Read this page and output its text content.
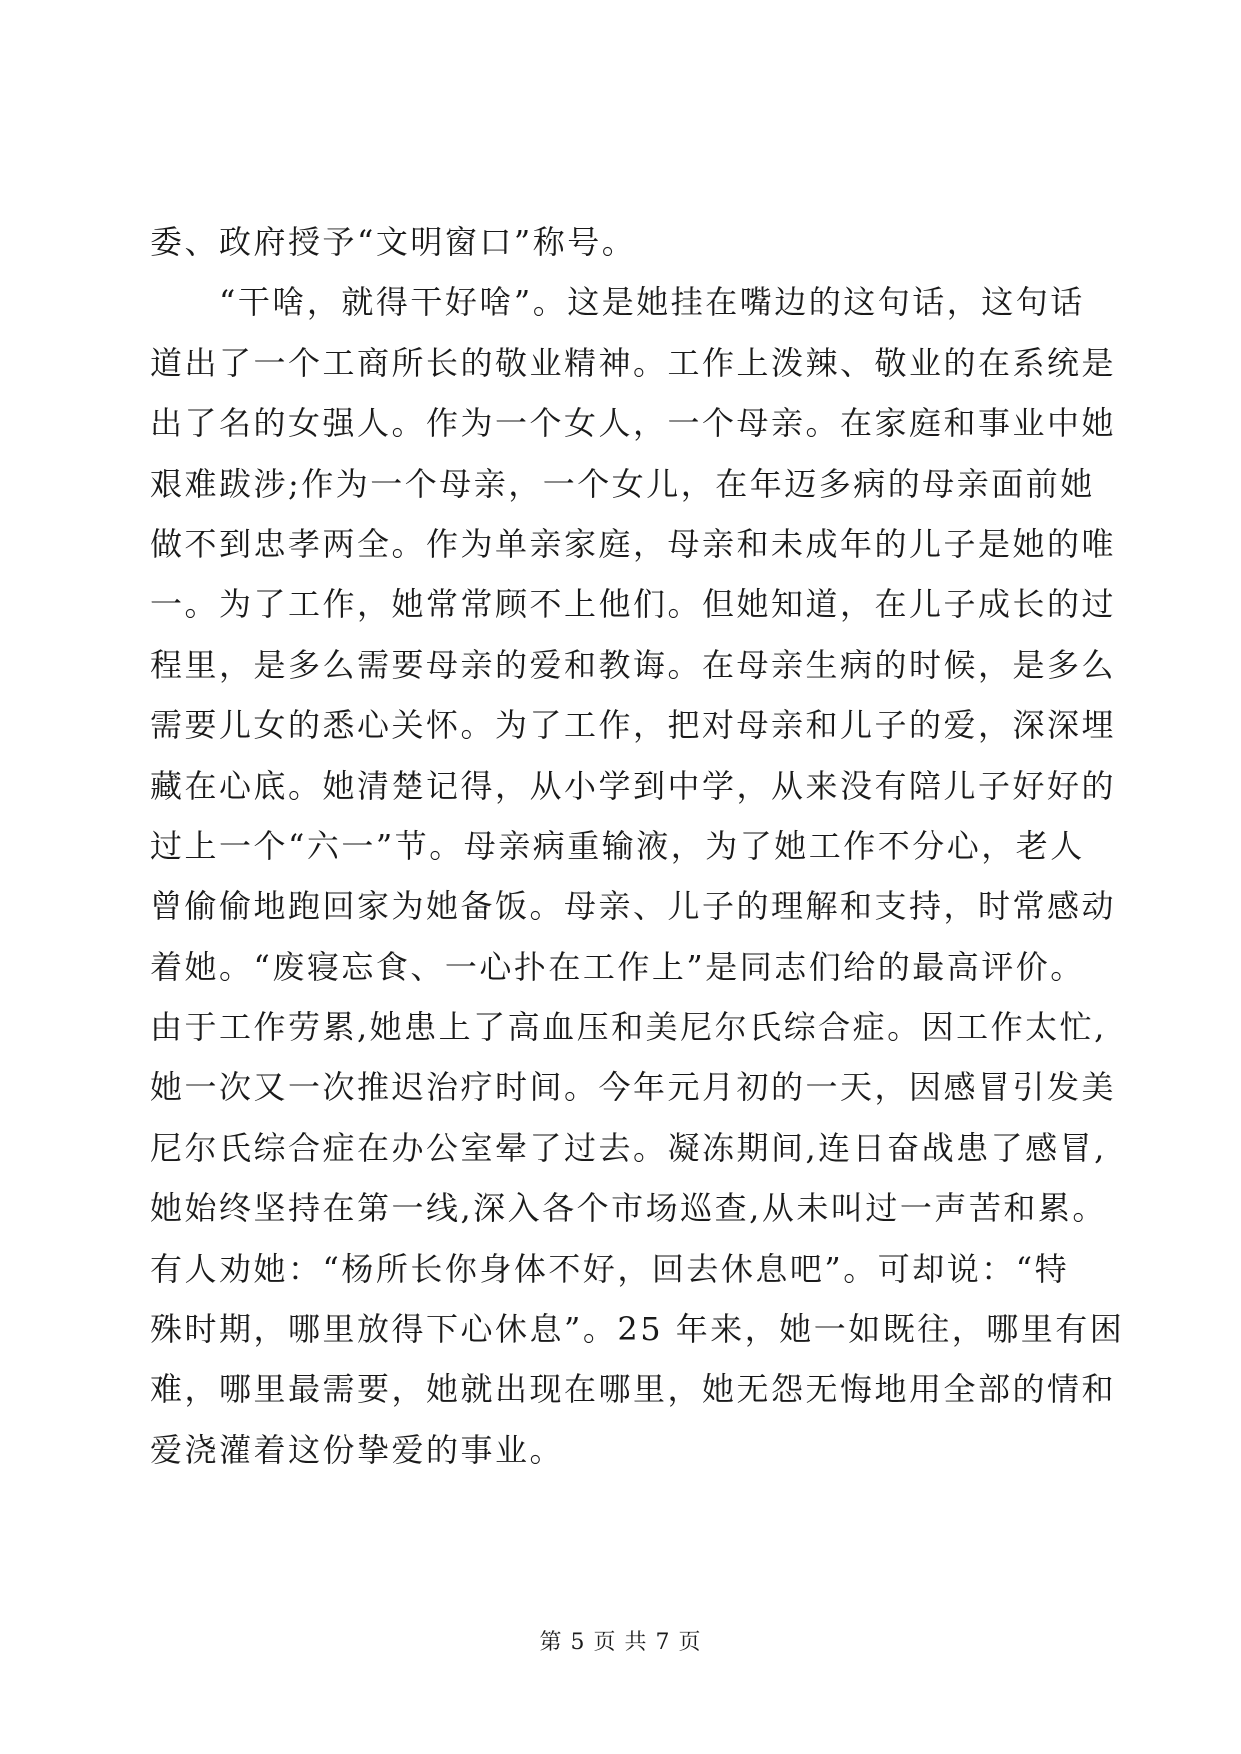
委、政府授予“文明窗口”称号。
　　“干啥，就得干好啥”。这是她挂在嘴边的这句话，这句话
道出了一个工商所长的敬业精神。工作上泼辣、敬业的在系统是
出了名的女强人。作为一个女人，一个母亲。在家庭和事业中她
艰难跋涉;作为一个母亲，一个女儿，在年迈多病的母亲面前她
做不到忠孝两全。作为单亲家庭，母亲和未成年的儿子是她的唯
一。为了工作，她常常顾不上他们。但她知道，在儿子成长的过
程里，是多么需要母亲的爱和教诲。在母亲生病的时候，是多么
需要儿女的悉心关怀。为了工作，把对母亲和儿子的爱，深深埋
藏在心底。她清楚记得，从小学到中学，从来没有陪儿子好好的
过上一个“六一”节。母亲病重输液，为了她工作不分心，老人
曾偷偷地跑回家为她备饭。母亲、儿子的理解和支持，时常感动
着她。“废寝忘食、一心扑在工作上”是同志们给的最高评价。
由于工作劳累,她患上了高血压和美尼尔氏综合症。因工作太忙,
她一次又一次推迟治疗时间。今年元月初的一天，因感冒引发美
尼尔氏综合症在办公室晕了过去。凝冻期间,连日奋战患了感冒,
她始终坚持在第一线,深入各个市场巡查,从未叫过一声苦和累。
有人劝她：“杨所长你身体不好，回去休息吧”。可却说：“特
殊时期，哪里放得下心休息”。25 年来，她一如既往，哪里有困
难，哪里最需要，她就出现在哪里，她无怨无悔地用全部的情和
爱浇灌着这份挚爱的事业。
第 5 页 共 7 页
